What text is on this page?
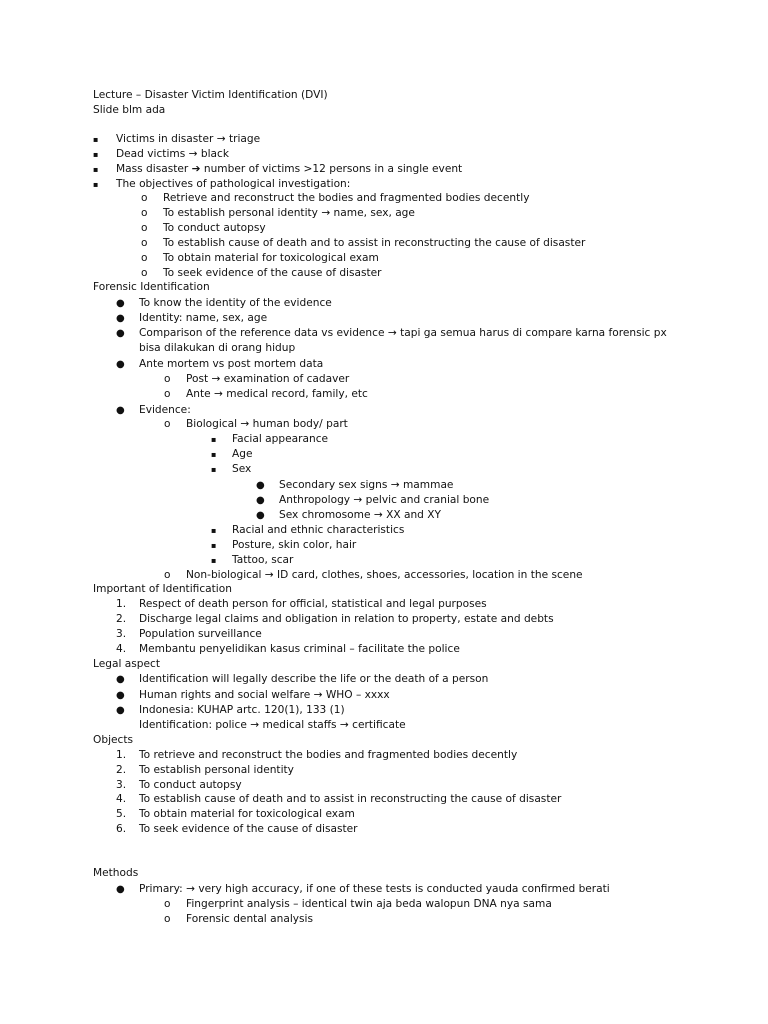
Lecture – Disaster Victim Identification (DVI)
Slide blm ada
▪ Victims in disaster → triage
▪ Dead victims → black
▪ Mass disaster ➔ number of victims >12 persons in a single event
▪ The objectives of pathological investigation:
o Retrieve and reconstruct the bodies and fragmented bodies decently
o To establish personal identity → name, sex, age
o To conduct autopsy
o To establish cause of death and to assist in reconstructing the cause of disaster
o To obtain material for toxicological exam
o To seek evidence of the cause of disaster
Forensic Identification
● To know the identity of the evidence
● Identity: name, sex, age
● Comparison of the reference data vs evidence → tapi ga semua harus di compare karna forensic px
bisa dilakukan di orang hidup
● Ante mortem vs post mortem data
o Post → examination of cadaver
o Ante → medical record, family, etc
● Evidence:
o Biological → human body/ part
▪ Facial appearance
▪ Age
▪ Sex
● Secondary sex signs → mammae
● Anthropology → pelvic and cranial bone
● Sex chromosome → XX and XY
▪ Racial and ethnic characteristics
▪ Posture, skin color, hair
▪ Tattoo, scar
o Non-biological → ID card, clothes, shoes, accessories, location in the scene
Important of Identification
1. Respect of death person for official, statistical and legal purposes
2. Discharge legal claims and obligation in relation to property, estate and debts
3. Population surveillance
4. Membantu penyelidikan kasus criminal – facilitate the police
Legal aspect
● Identification will legally describe the life or the death of a person
● Human rights and social welfare → WHO – xxxx
● Indonesia: KUHAP artc. 120(1), 133 (1)
Identification: police → medical staffs → certificate
Objects
1. To retrieve and reconstruct the bodies and fragmented bodies decently
2. To establish personal identity
3. To conduct autopsy
4. To establish cause of death and to assist in reconstructing the cause of disaster
5. To obtain material for toxicological exam
6. To seek evidence of the cause of disaster
Methods
● Primary: → very high accuracy, if one of these tests is conducted yauda confirmed berati
o Fingerprint analysis – identical twin aja beda walopun DNA nya sama
o Forensic dental analysis
